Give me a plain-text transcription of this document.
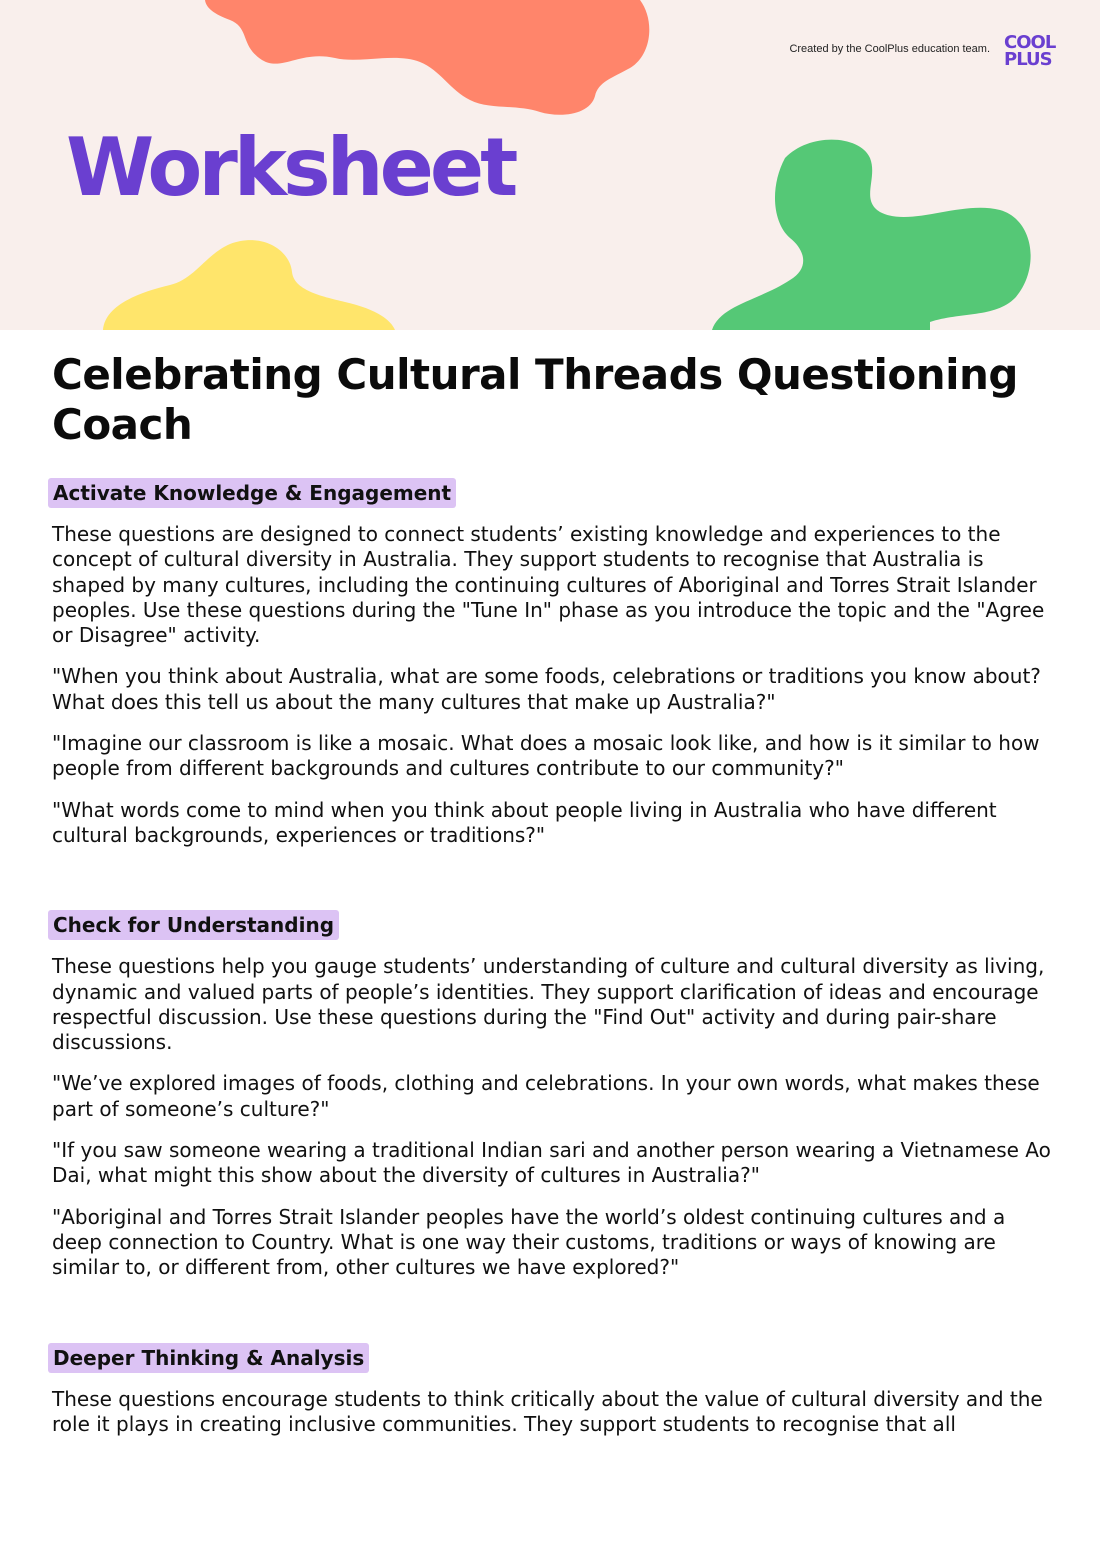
Created by the CoolPlus education team. COOL
PLUS
Worksheet
Celebrating Cultural Threads Questioning Coach
Activate Knowledge & Engagement

These questions are designed to connect students’ existing knowledge and experiences to the concept of cultural diversity in Australia. They support students to recognise that Australia is shaped by many cultures, including the continuing cultures of Aboriginal and Torres Strait Islander peoples. Use these questions during the "Tune In" phase as you introduce the topic and the "Agree or Disagree" activity.

"When you think about Australia, what are some foods, celebrations or traditions you know about? What does this tell us about the many cultures that make up Australia?"

"Imagine our classroom is like a mosaic. What does a mosaic look like, and how is it similar to how people from different backgrounds and cultures contribute to our community?"

"What words come to mind when you think about people living in Australia who have different cultural backgrounds, experiences or traditions?"

Check for Understanding

These questions help you gauge students’ understanding of culture and cultural diversity as living, dynamic and valued parts of people’s identities. They support clarification of ideas and encourage respectful discussion. Use these questions during the "Find Out" activity and during pair-share discussions.

"We’ve explored images of foods, clothing and celebrations. In your own words, what makes these part of someone’s culture?"

"If you saw someone wearing a traditional Indian sari and another person wearing a Vietnamese Ao Dai, what might this show about the diversity of cultures in Australia?"

"Aboriginal and Torres Strait Islander peoples have the world’s oldest continuing cultures and a deep connection to Country. What is one way their customs, traditions or ways of knowing are similar to, or different from, other cultures we have explored?"

Deeper Thinking & Analysis

These questions encourage students to think critically about the value of cultural diversity and the role it plays in creating inclusive communities. They support students to recognise that all
